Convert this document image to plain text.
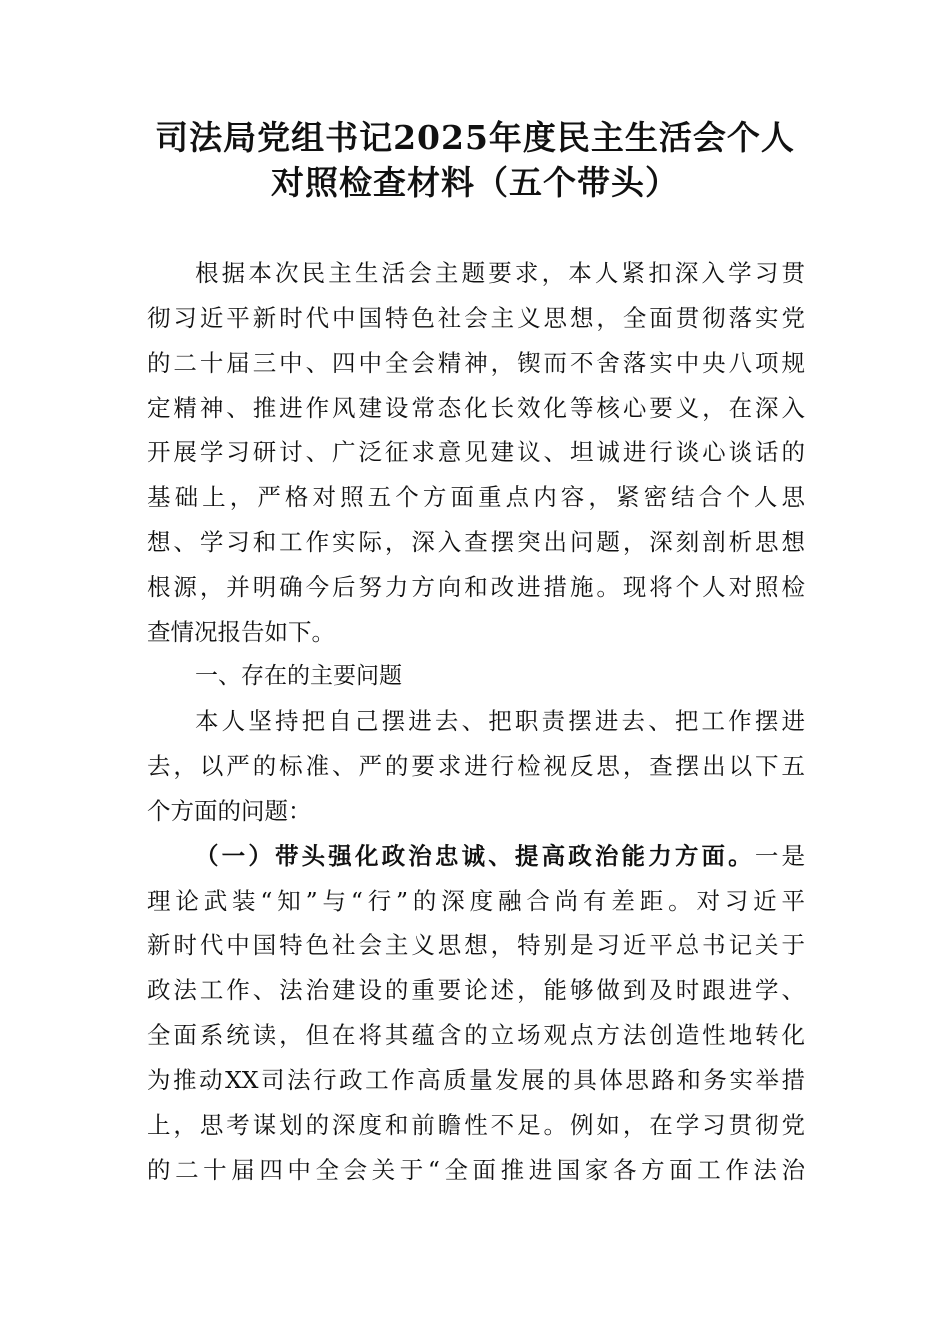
司法局党组书记2025年度民主生活会个人
对照检查材料（五个带头）
根据本次民主生活会主题要求，本人紧扣深入学习贯
彻习近平新时代中国特色社会主义思想，全面贯彻落实党
的二十届三中、四中全会精神，锲而不舍落实中央八项规
定精神、推进作风建设常态化长效化等核心要义，在深入
开展学习研讨、广泛征求意见建议、坦诚进行谈心谈话的
基础上，严格对照五个方面重点内容，紧密结合个人思
想、学习和工作实际，深入查摆突出问题，深刻剖析思想
根源，并明确今后努力方向和改进措施。现将个人对照检
查情况报告如下。
一、存在的主要问题
本人坚持把自己摆进去、把职责摆进去、把工作摆进
去，以严的标准、严的要求进行检视反思，查摆出以下五
个方面的问题：
（一）带头强化政治忠诚、提高政治能力方面。一是
理论武装“知”与“行”的深度融合尚有差距。对习近平
新时代中国特色社会主义思想，特别是习近平总书记关于
政法工作、法治建设的重要论述，能够做到及时跟进学、
全面系统读，但在将其蕴含的立场观点方法创造性地转化
为推动XX司法行政工作高质量发展的具体思路和务实举措
上，思考谋划的深度和前瞻性不足。例如，在学习贯彻党
的二十届四中全会关于“全面推进国家各方面工作法治
